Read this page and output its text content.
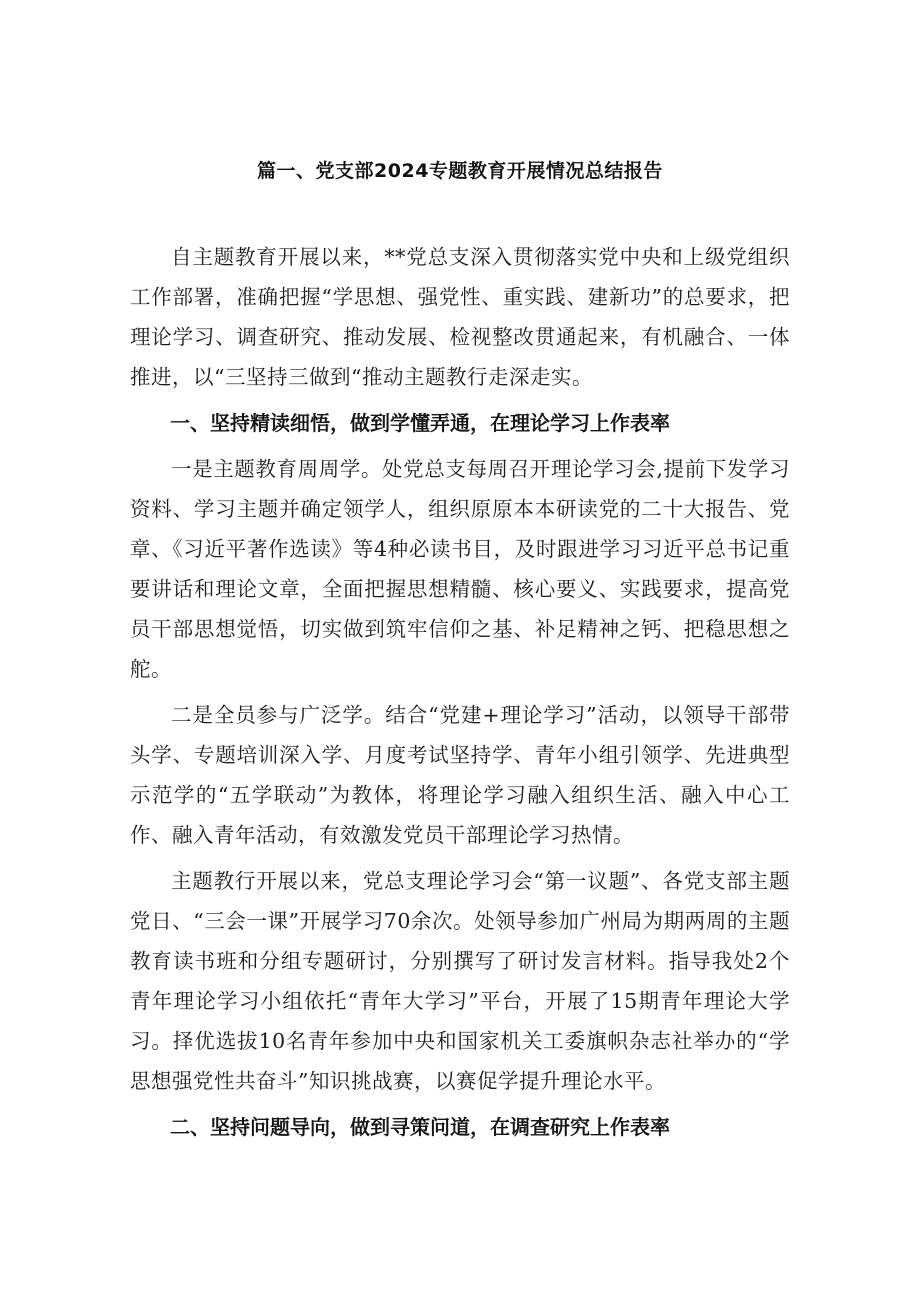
篇一、党支部2024专题教育开展情况总结报告

自主题教育开展以来，**党总支深入贯彻落实党中央和上级党组织工作部署，准确把握“学思想、强党性、重实践、建新功”的总要求，把理论学习、调查研究、推动发展、检视整改贯通起来，有机融合、一体推进，以“三坚持三做到“推动主题教行走深走实。

一、坚持精读细悟，做到学懂弄通，在理论学习上作表率

一是主题教育周周学。处党总支每周召开理论学习会,提前下发学习资料、学习主题并确定领学人，组织原原本本研读党的二十大报告、党章、《习近平著作选读》等4种必读书目，及时跟进学习习近平总书记重要讲话和理论文章，全面把握思想精髓、核心要义、实践要求，提高党员干部思想觉悟，切实做到筑牢信仰之基、补足精神之钙、把稳思想之舵。

二是全员参与广泛学。结合“党建+理论学习”活动，以领导干部带头学、专题培训深入学、月度考试坚持学、青年小组引领学、先进典型示范学的“五学联动”为教体，将理论学习融入组织生活、融入中心工作、融入青年活动，有效激发党员干部理论学习热情。

主题教行开展以来，党总支理论学习会“第一议题”、各党支部主题党日、“三会一课”开展学习70余次。处领导参加广州局为期两周的主题教育读书班和分组专题研讨，分别撰写了研讨发言材料。指导我处2个青年理论学习小组依托“青年大学习”平台，开展了15期青年理论大学习。择优选拔10名青年参加中央和国家机关工委旗帜杂志社举办的“学思想强党性共奋斗”知识挑战赛，以赛促学提升理论水平。

二、坚持问题导向，做到寻策问道，在调查研究上作表率
